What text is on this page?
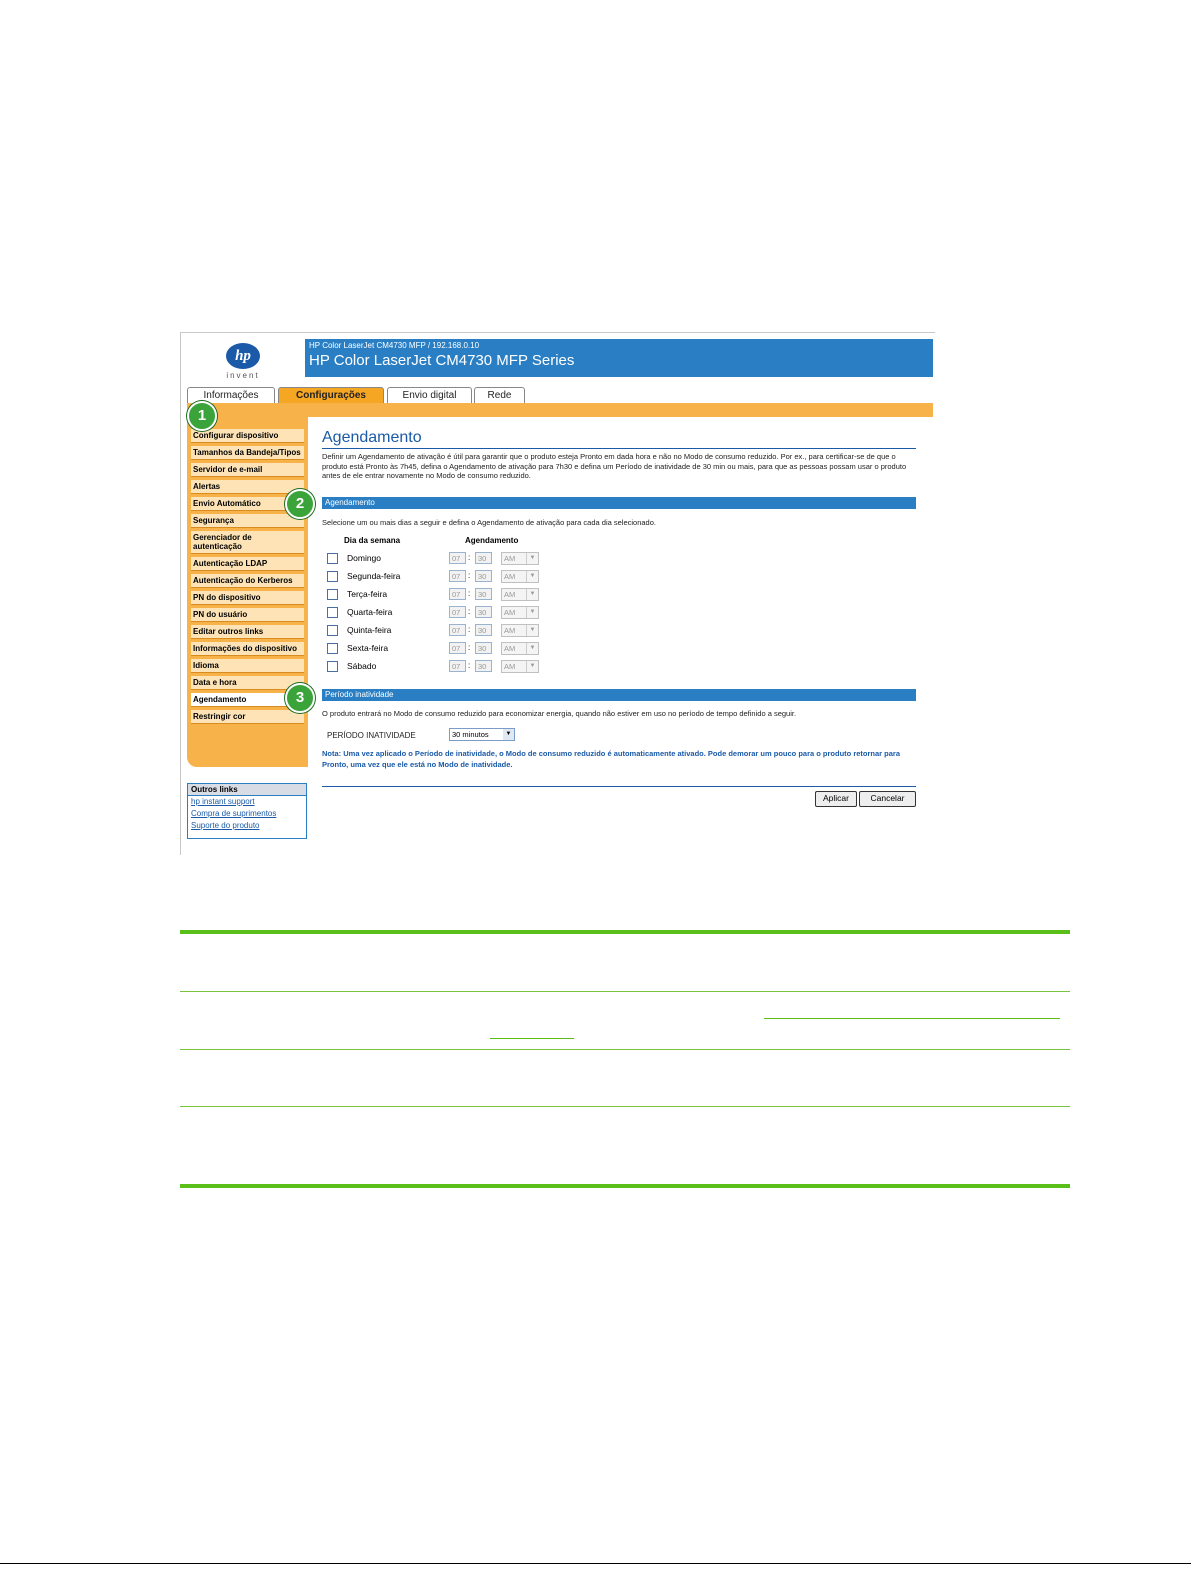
hp
invent
HP Color LaserJet CM4730 MFP / 192.168.0.10
HP Color LaserJet CM4730 MFP Series
Informações	Configurações	Envio digital	Rede
Configurar dispositivo
Tamanhos da Bandeja/Tipos
Servidor de e-mail
Alertas
Envio Automático
Segurança
Gerenciador de autenticação
Autenticação LDAP
Autenticação do Kerberos
PN do dispositivo
PN do usuário
Editar outros links
Informações do dispositivo
Idioma
Data e hora
Agendamento
Restringir cor
Outros links
hp instant support
Compra de suprimentos
Suporte do produto
1
2
3
Agendamento
Definir um Agendamento de ativação é útil para garantir que o produto esteja Pronto em dada hora e não no Modo de consumo reduzido. Por ex., para certificar-se de que o produto está Pronto às 7h45, defina o Agendamento de ativação para 7h30 e defina um Período de inatividade de 30 min ou mais, para que as pessoas possam usar o produto antes de ele entrar novamente no Modo de consumo reduzido.
Agendamento
Selecione um ou mais dias a seguir e defina o Agendamento de ativação para cada dia selecionado.
Dia da semana	Agendamento
Período inatividade
O produto entrará no Modo de consumo reduzido para economizar energia, quando não estiver em uso no período de tempo definido a seguir.
PERÍODO INATIVIDADE	30 minutos	▼
Nota: Uma vez aplicado o Período de inatividade, o Modo de consumo reduzido é automaticamente ativado. Pode demorar um pouco para o produto retornar para Pronto, uma vez que ele está no Modo de inatividade.
Aplicar	Cancelar
Domingo	07 :	30	AM	▼
Segunda-feira	07 :	30	AM	▼
Terça-feira	07 :	30	AM	▼
Quarta-feira	07 :	30	AM	▼
Quinta-feira	07 :	30	AM	▼
Sexta-feira	07 :	30	AM	▼
Sábado	07 :	30	AM	▼
